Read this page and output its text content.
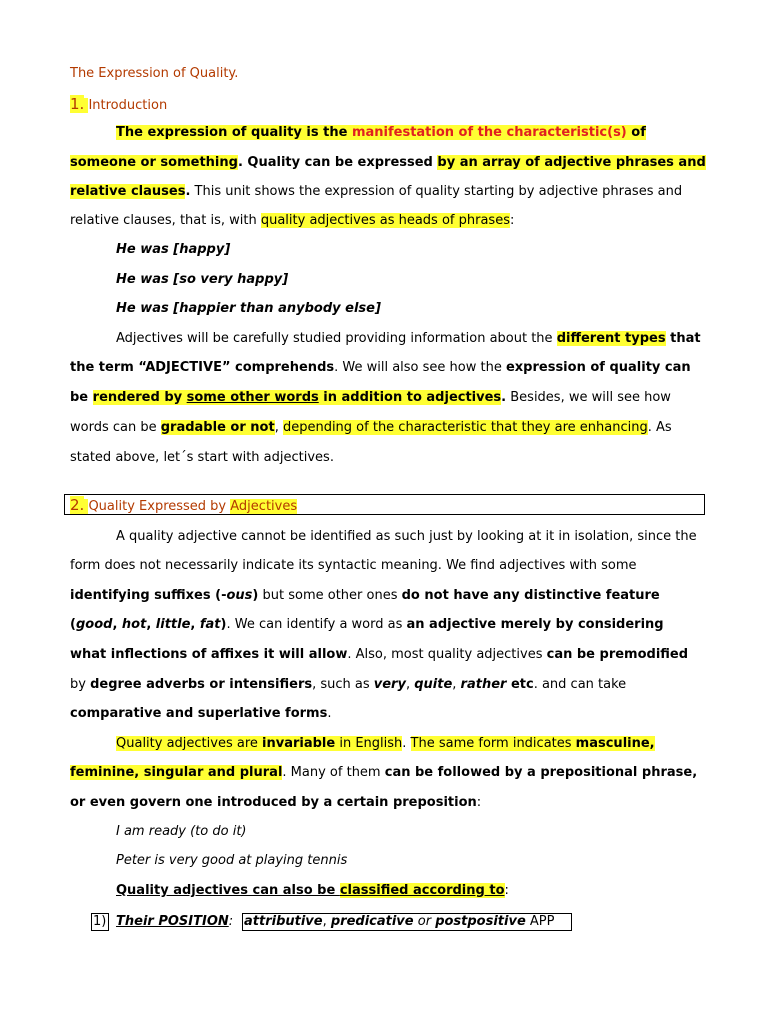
The Expression of Quality.
1. Introduction
The expression of quality is the manifestation of the characteristic(s) of
someone or something. Quality can be expressed by an array of adjective phrases and
relative clauses. This unit shows the expression of quality starting by adjective phrases and
relative clauses, that is, with quality adjectives as heads of phrases:
He was [happy]
He was [so very happy]
He was [happier than anybody else]
Adjectives will be carefully studied providing information about the different types that
the term “ADJECTIVE” comprehends. We will also see how the expression of quality can
be rendered by some other words in addition to adjectives. Besides, we will see how
words can be gradable or not, depending of the characteristic that they are enhancing. As
stated above, let´s start with adjectives.
2. Quality Expressed by Adjectives
A quality adjective cannot be identified as such just by looking at it in isolation, since the
form does not necessarily indicate its syntactic meaning. We find adjectives with some
identifying suffixes (-ous) but some other ones do not have any distinctive feature
(good, hot, little, fat). We can identify a word as an adjective merely by considering
what inflections of affixes it will allow. Also, most quality adjectives can be premodified
by degree adverbs or intensifiers, such as very, quite, rather etc. and can take
comparative and superlative forms.
Quality adjectives are invariable in English. The same form indicates masculine,
feminine, singular and plural. Many of them can be followed by a prepositional phrase,
or even govern one introduced by a certain preposition:
I am ready (to do it)
Peter is very good at playing tennis
Quality adjectives can also be classified according to:
1) Their POSITION: attributive, predicative or postpositive APP
